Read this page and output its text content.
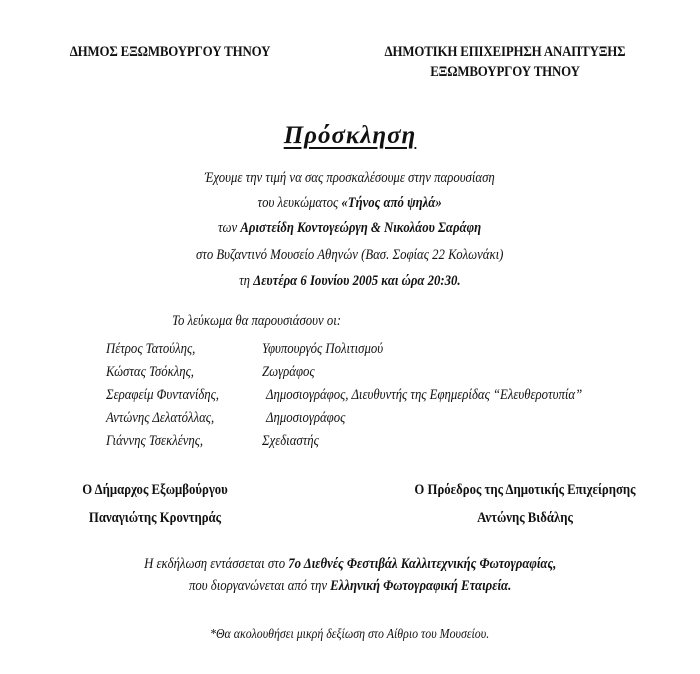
ΔΗΜΟΣ ΕΞΩΜΒΟΥΡΓΟΥ ΤΗΝΟΥ	ΔΗΜΟΤΙΚΗ ΕΠΙΧΕΙΡΗΣΗ ΑΝΑΠΤΥΞΗΣ
ΕΞΩΜΒΟΥΡΓΟΥ ΤΗΝΟΥ
Πρόσκληση
Έχουμε την τιμή να σας προσκαλέσουμε στην παρουσίαση
του λευκώματος «Τήνος από ψηλά»
των Αριστείδη Κοντογεώργη & Νικολάου Σαράφη
στο Βυζαντινό Μουσείο Αθηνών (Βασ. Σοφίας 22 Κολωνάκι)
τη Δευτέρα 6 Ιουνίου 2005 και ώρα 20:30.
Το λεύκωμα θα παρουσιάσουν οι:
Πέτρος Τατούλης,	Υφυπουργός Πολιτισμού
Κώστας Τσόκλης,	Ζωγράφος
Σεραφείμ Φυντανίδης,	Δημοσιογράφος, Διευθυντής της Εφημερίδας “Ελευθεροτυπία”
Αντώνης Δελατόλλας,	Δημοσιογράφος
Γιάννης Τσεκλένης,	Σχεδιαστής
Ο Δήμαρχος Εξωμβούργου
Παναγιώτης Κροντηράς
Ο Πρόεδρος της Δημοτικής Επιχείρησης
Αντώνης Βιδάλης
Η εκδήλωση εντάσσεται στο 7ο Διεθνές Φεστιβάλ Καλλιτεχνικής Φωτογραφίας,
που διοργανώνεται από την Ελληνική Φωτογραφική Εταιρεία.
*Θα ακολουθήσει μικρή δεξίωση στο Αίθριο του Μουσείου.
